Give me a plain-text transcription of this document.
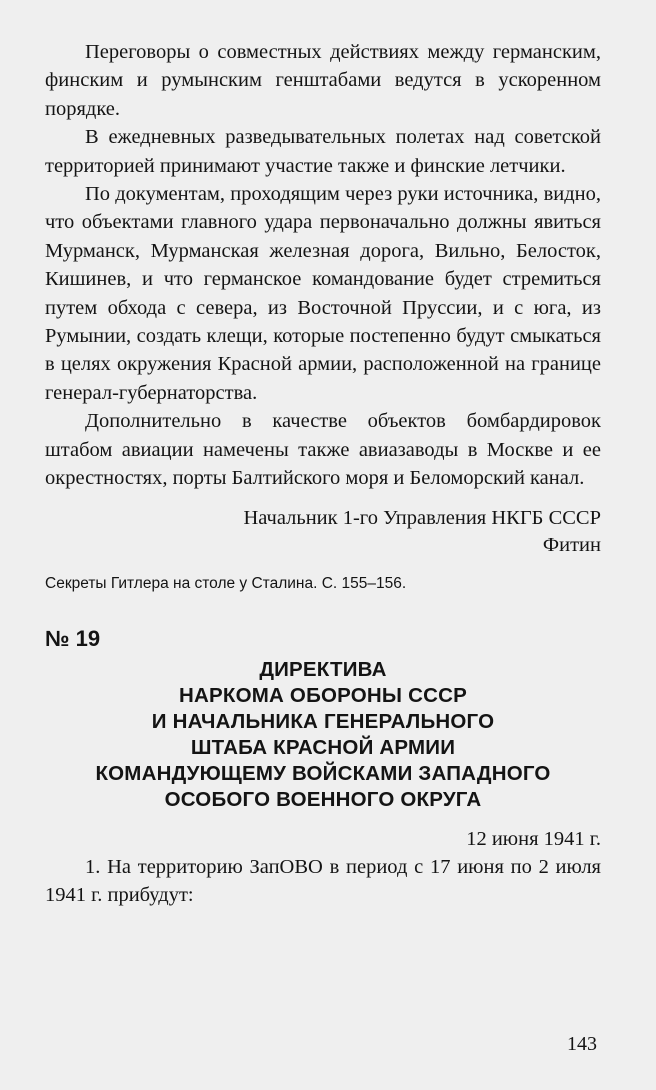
Переговоры о совместных действиях между германским, финским и румынским генштабами ведутся в ускоренном порядке.

В ежедневных разведывательных полетах над советской территорией принимают участие также и финские летчики.

По документам, проходящим через руки источника, видно, что объектами главного удара первоначально должны явиться Мурманск, Мурманская железная дорога, Вильно, Белосток, Кишинев, и что германское командование будет стремиться путем обхода с севера, из Восточной Пруссии, и с юга, из Румынии, создать клещи, которые постепенно будут смыкаться в целях окружения Красной армии, расположенной на границе генерал-губернаторства.

Дополнительно в качестве объектов бомбардировок штабом авиации намечены также авиазаводы в Москве и ее окрестностях, порты Балтийского моря и Беломорский канал.

Начальник 1-го Управления НКГБ СССР
Фитин
Секреты Гитлера на столе у Сталина. С. 155–156.
№ 19
ДИРЕКТИВА
НАРКОМА ОБОРОНЫ СССР
И НАЧАЛЬНИКА ГЕНЕРАЛЬНОГО
ШТАБА КРАСНОЙ АРМИИ
КОМАНДУЮЩЕМУ ВОЙСКАМИ ЗАПАДНОГО
ОСОБОГО ВОЕННОГО ОКРУГА
12 июня 1941 г.

1. На территорию ЗапОВО в период с 17 июня по 2 июля 1941 г. прибудут:

143
